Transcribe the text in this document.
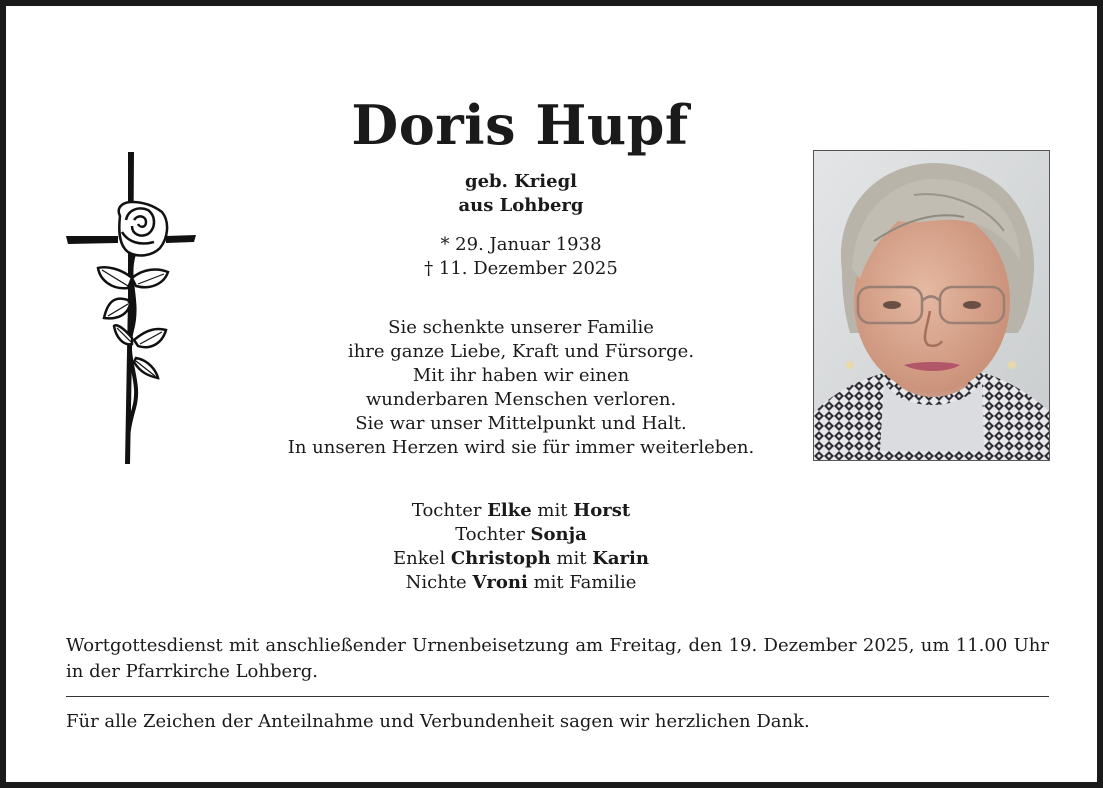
Doris Hupf
geb. Kriegl
aus Lohberg
* 29. Januar 1938
† 11. Dezember 2025
Sie schenkte unserer Familie
ihre ganze Liebe, Kraft und Fürsorge.
Mit ihr haben wir einen
wunderbaren Menschen verloren.
Sie war unser Mittelpunkt und Halt.
In unseren Herzen wird sie für immer weiterleben.
Tochter Elke mit Horst
Tochter Sonja
Enkel Christoph mit Karin
Nichte Vroni mit Familie
Wortgottesdienst mit anschließender Urnenbeisetzung am Freitag, den 19. Dezember 2025, um 11.00 Uhr in der Pfarrkirche Lohberg.
Für alle Zeichen der Anteilnahme und Verbundenheit sagen wir herzlichen Dank.
